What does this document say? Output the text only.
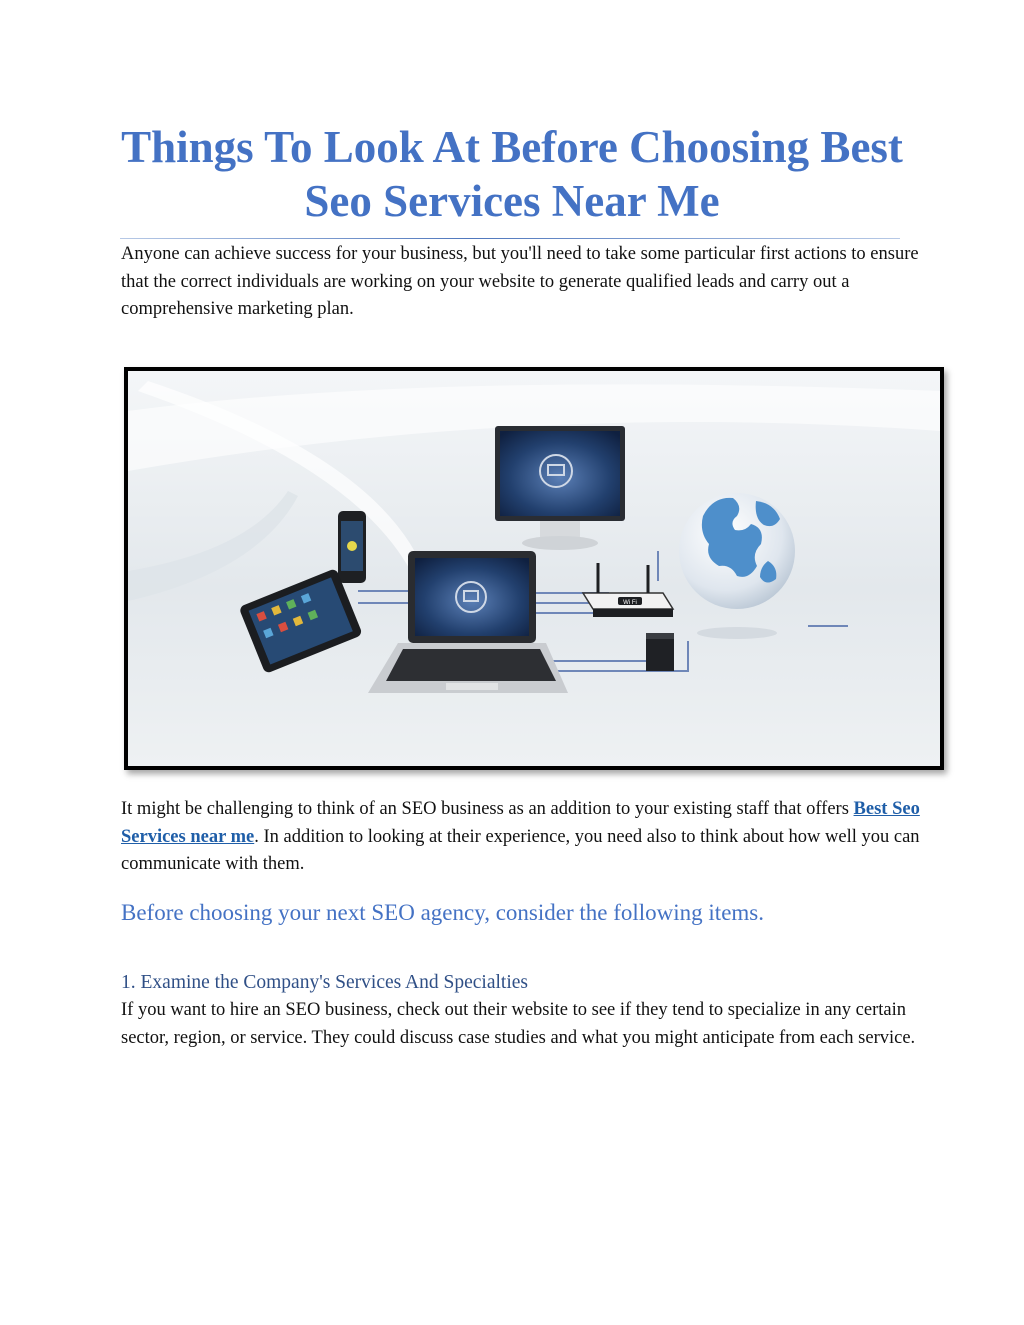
Things To Look At Before Choosing Best
Seo Services Near Me

Anyone can achieve success for your business, but you'll need to take some particular first actions to ensure that the correct individuals are working on your website to generate qualified leads and carry out a comprehensive marketing plan.

Wi Fi

It might be challenging to think of an SEO business as an addition to your existing staff that offers Best Seo Services near me. In addition to looking at their experience, you need also to think about how well you can communicate with them.

Before choosing your next SEO agency, consider the following items.
1. Examine the Company's Services And Specialties

If you want to hire an SEO business, check out their website to see if they tend to specialize in any certain sector, region, or service. They could discuss case studies and what you might anticipate from each service.
